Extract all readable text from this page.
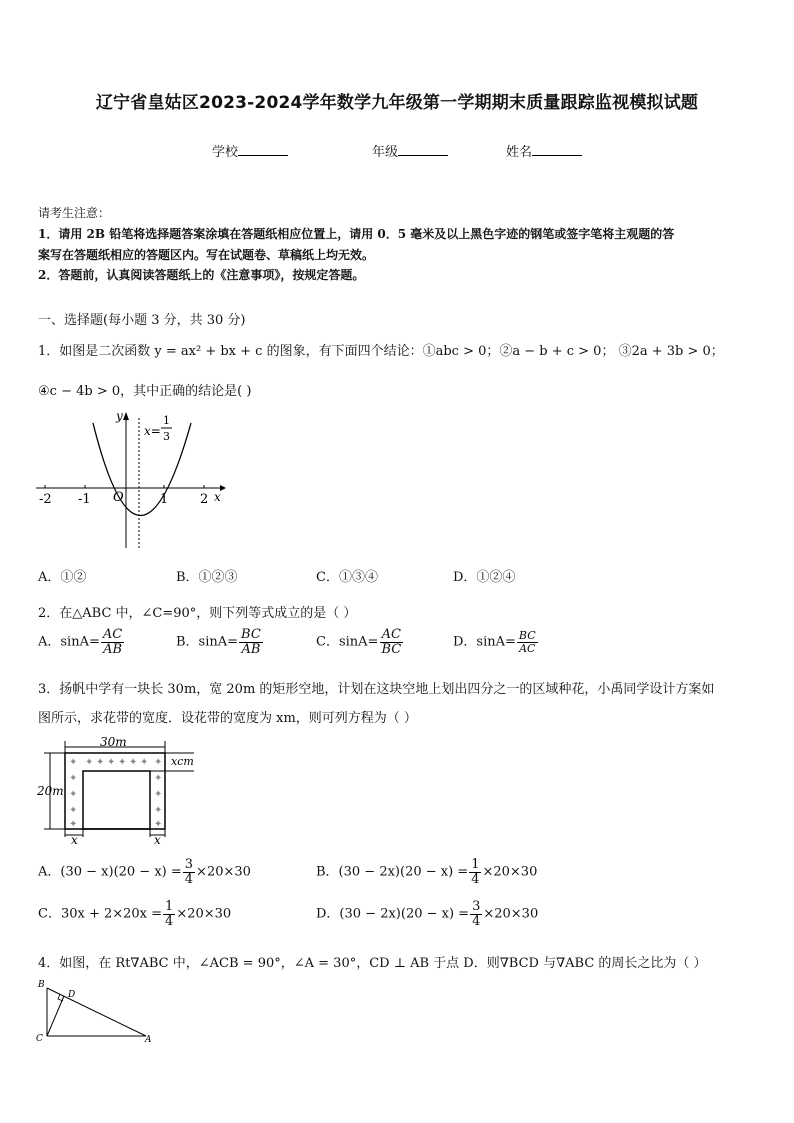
辽宁省皇姑区2023-2024学年数学九年级第一学期期末质量跟踪监视模拟试题
学校	年级	姓名
请考生注意：
1．请用 2B 铅笔将选择题答案涂填在答题纸相应位置上，请用 0．5 毫米及以上黑色字迹的钢笔或签字笔将主观题的答
案写在答题纸相应的答题区内。写在试题卷、草稿纸上均无效。
2．答题前，认真阅读答题纸上的《注意事项》，按规定答题。
一、选择题(每小题 3 分，共 30 分)
1．如图是二次函数 y = ax² + bx + c 的图象，有下面四个结论：①abc > 0；②a − b + c > 0； ③2a + 3b > 0；
④c − 4b > 0，其中正确的结论是( )
-2 -1	1 2
O	x
y
x=
1
3
A．①②	B．①②③	C．①③④	D．①②④
2．在△ABC 中，∠C=90°，则下列等式成立的是（ ）
A．$\sin A= \frac{AC}{AB}$	B．$\sin A= \frac{BC}{AB}$	C．$\sin A= \frac{AC}{BC}$	D．$\sin A= \frac{BC}{AC}$
3．扬帆中学有一块长 30m，宽 20m 的矩形空地，计划在这块空地上划出四分之一的区域种花，小禹同学设计方案如
图所示，求花带的宽度．设花带的宽度为 xm，则可列方程为（ ）
✦
✦
✦
✦
✦
✦
✦
✦
✦
✦
✦ ✦ ✦ ✦ ✦ ✦
30m
20m
xcm
x	x
A．$(30 - x)(20 - x) = \frac{3}{4} \times 20\times 30$	B．$(30 - 2x)(20 - x) = \frac{1}{4} \times 20\times 30$
C．$30x + 2\times 20x = \frac{1}{4} \times 20\times 30$	D．$(30 - 2x)(20 - x) = \frac{3}{4} \times 20\times 30$
4．如图，在 Rt∇ABC 中，∠ACB = 90°，∠A = 30°，CD ⊥ AB 于点 D．则∇BCD 与∇ABC 的周长之比为（ ）
B
D
C	A
